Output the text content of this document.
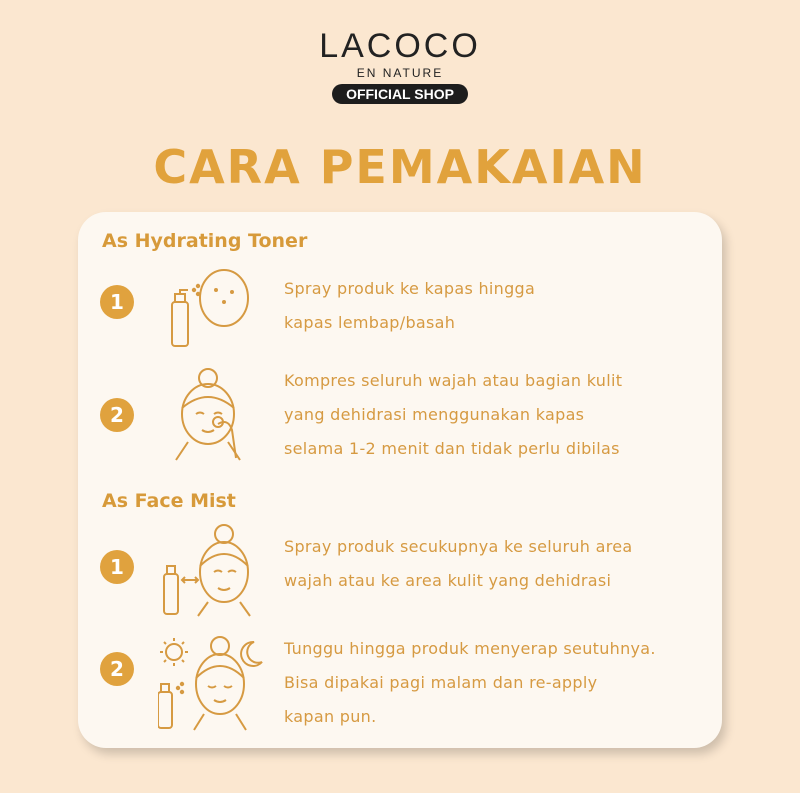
LACOCO
EN NATURE
OFFICIAL SHOP
CARA PEMAKAIAN
As Hydrating Toner
1
Spray produk ke kapas hingga
kapas lembap/basah
2
Kompres seluruh wajah atau bagian kulit
yang dehidrasi menggunakan kapas
selama 1-2 menit dan tidak perlu dibilas
As Face Mist
1
Spray produk secukupnya ke seluruh area
wajah atau ke area kulit yang dehidrasi
2
Tunggu hingga produk menyerap seutuhnya.
Bisa dipakai pagi malam dan re-apply
kapan pun.
